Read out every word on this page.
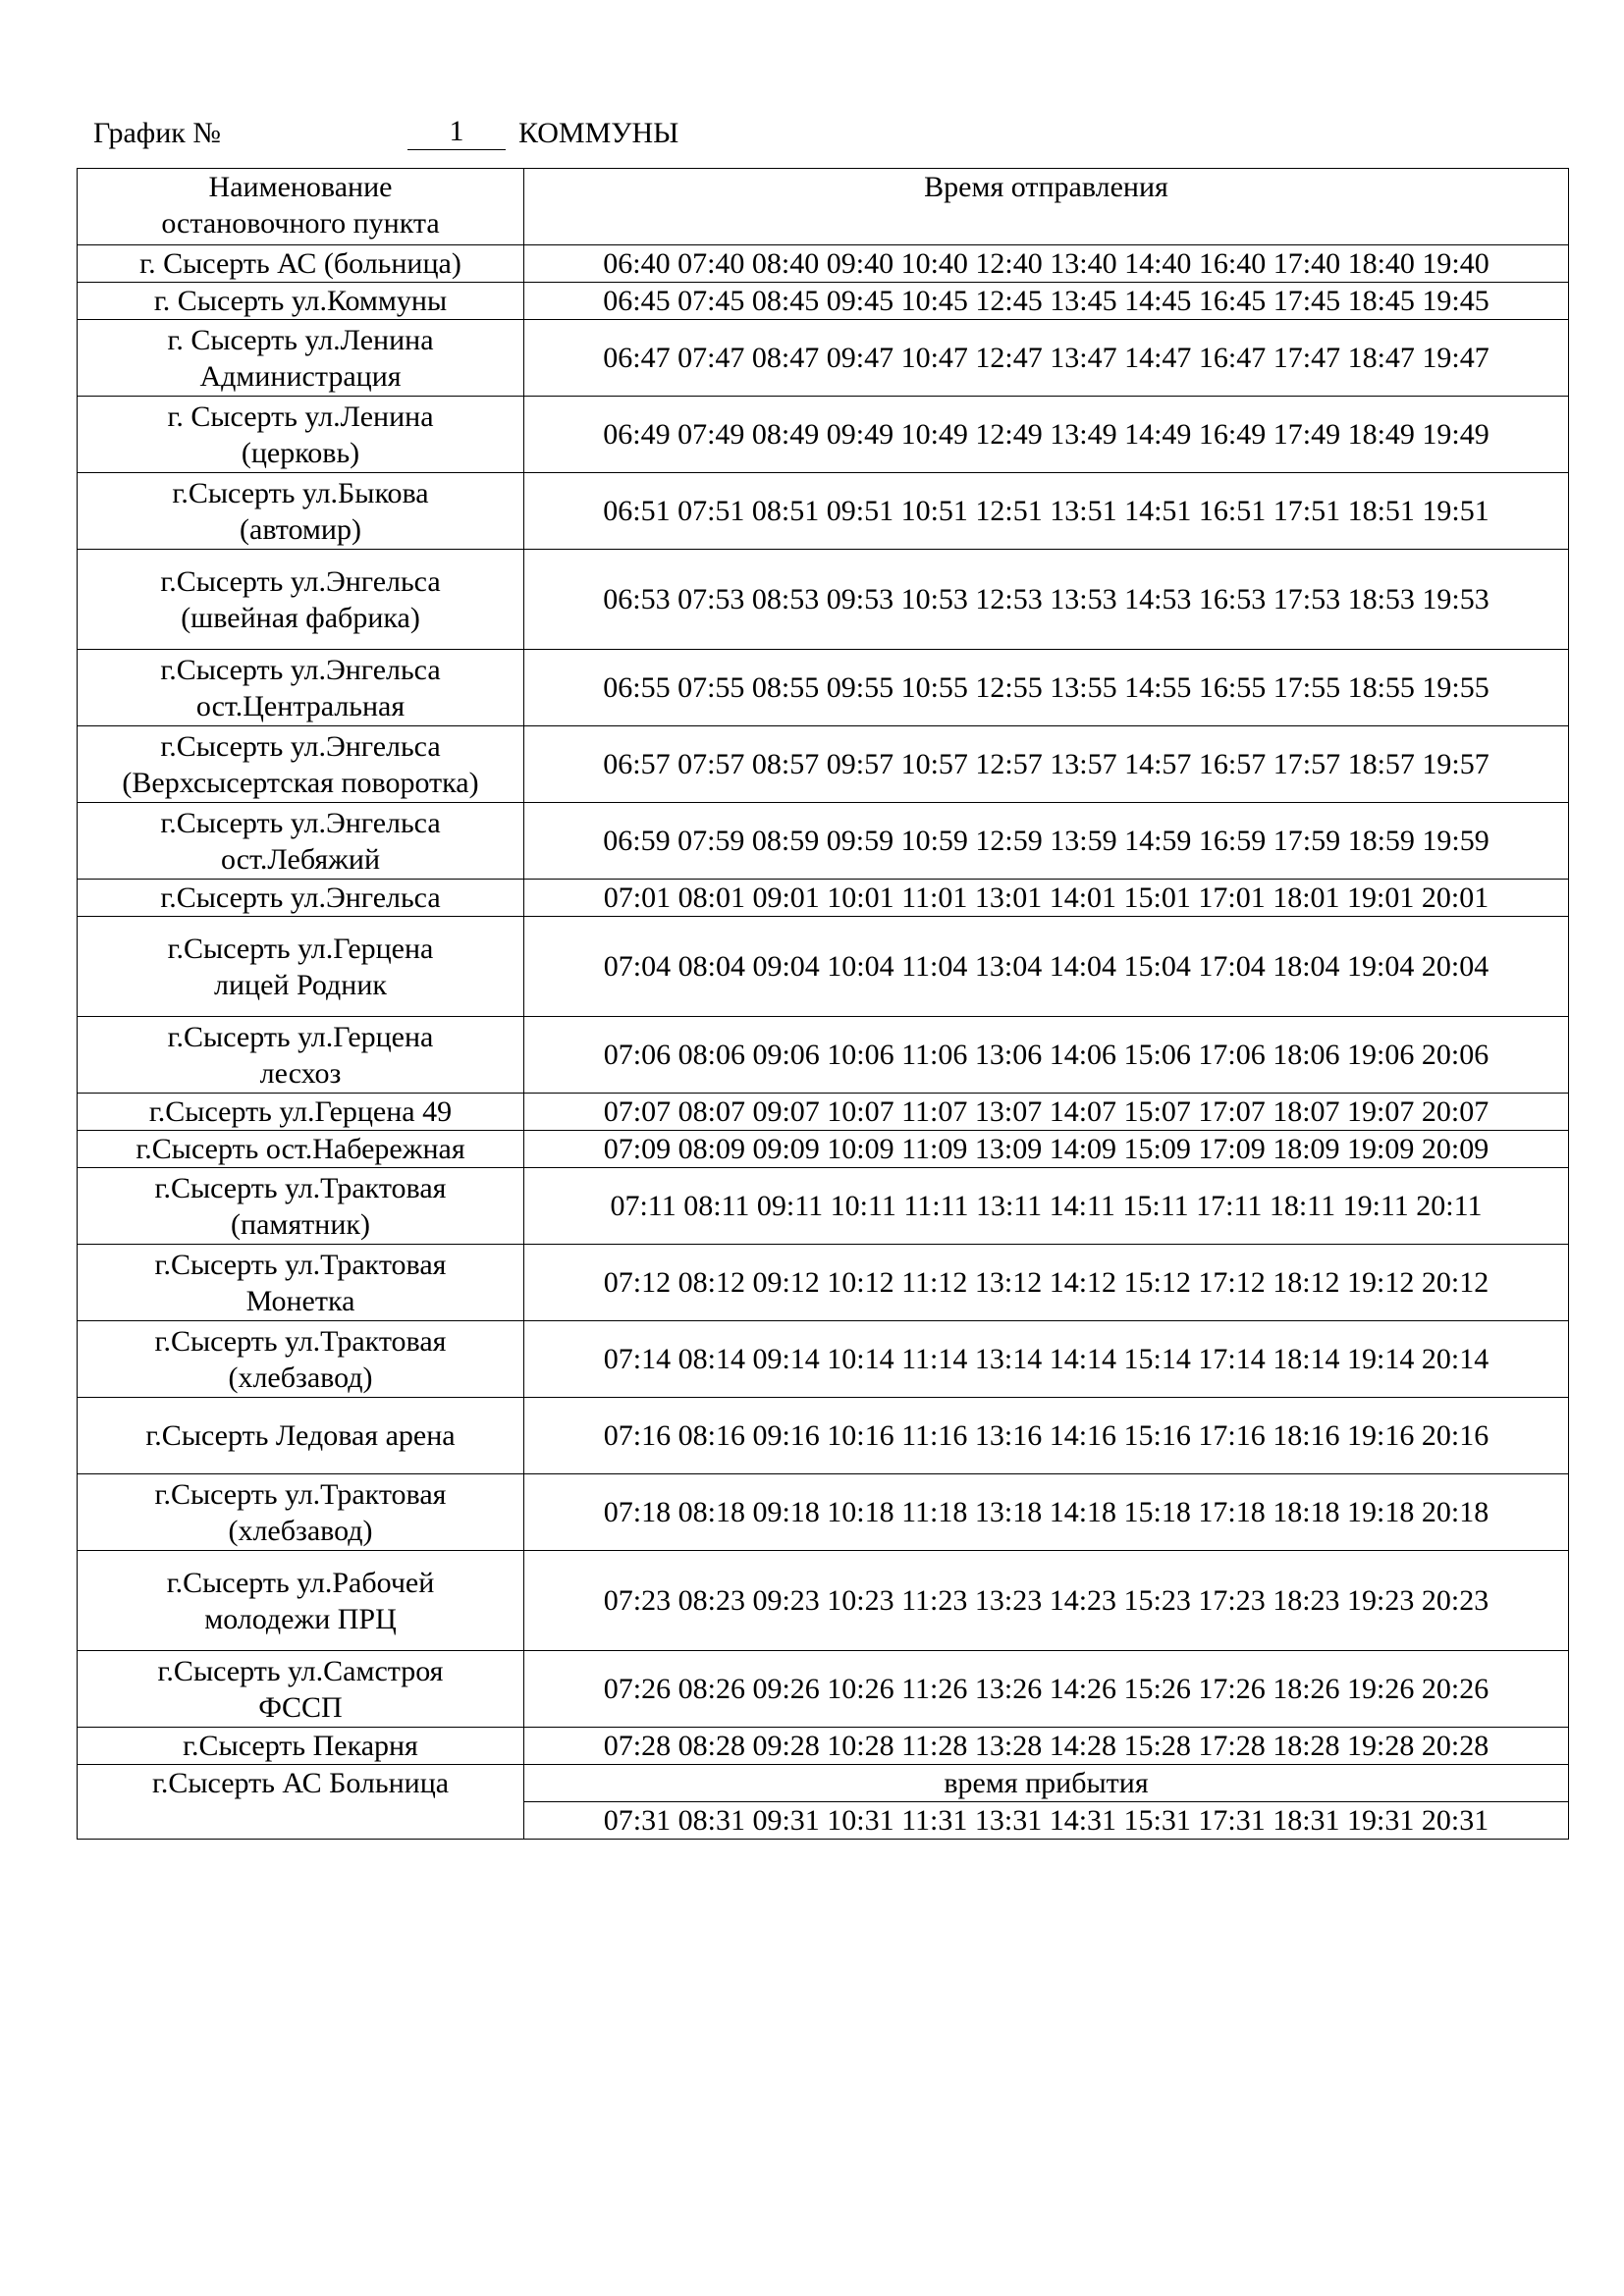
График №	1	КОММУНЫ
Наименование
остановочного пункта	Время отправления
г. Сысерть АС (больница)	06:40 07:40 08:40 09:40 10:40 12:40 13:40 14:40 16:40 17:40 18:40 19:40
г. Сысерть ул.Коммуны	06:45 07:45 08:45 09:45 10:45 12:45 13:45 14:45 16:45 17:45 18:45 19:45
г. Сысерть ул.Ленина
Администрация	06:47 07:47 08:47 09:47 10:47 12:47 13:47 14:47 16:47 17:47 18:47 19:47
г. Сысерть ул.Ленина
(церковь)	06:49 07:49 08:49 09:49 10:49 12:49 13:49 14:49 16:49 17:49 18:49 19:49
г.Сысерть ул.Быкова
(автомир)	06:51 07:51 08:51 09:51 10:51 12:51 13:51 14:51 16:51 17:51 18:51 19:51
г.Сысерть ул.Энгельса
(швейная фабрика)	06:53 07:53 08:53 09:53 10:53 12:53 13:53 14:53 16:53 17:53 18:53 19:53
г.Сысерть ул.Энгельса
ост.Центральная	06:55 07:55 08:55 09:55 10:55 12:55 13:55 14:55 16:55 17:55 18:55 19:55
г.Сысерть ул.Энгельса
(Верхсысертская поворотка)	06:57 07:57 08:57 09:57 10:57 12:57 13:57 14:57 16:57 17:57 18:57 19:57
г.Сысерть ул.Энгельса
ост.Лебяжий	06:59 07:59 08:59 09:59 10:59 12:59 13:59 14:59 16:59 17:59 18:59 19:59
г.Сысерть ул.Энгельса	07:01 08:01 09:01 10:01 11:01 13:01 14:01 15:01 17:01 18:01 19:01 20:01
г.Сысерть ул.Герцена
лицей Родник	07:04 08:04 09:04 10:04 11:04 13:04 14:04 15:04 17:04 18:04 19:04 20:04
г.Сысерть ул.Герцена
лесхоз	07:06 08:06 09:06 10:06 11:06 13:06 14:06 15:06 17:06 18:06 19:06 20:06
г.Сысерть ул.Герцена 49	07:07 08:07 09:07 10:07 11:07 13:07 14:07 15:07 17:07 18:07 19:07 20:07
г.Сысерть ост.Набережная	07:09 08:09 09:09 10:09 11:09 13:09 14:09 15:09 17:09 18:09 19:09 20:09
г.Сысерть ул.Трактовая
(памятник)	07:11 08:11 09:11 10:11 11:11 13:11 14:11 15:11 17:11 18:11 19:11 20:11
г.Сысерть ул.Трактовая
Монетка	07:12 08:12 09:12 10:12 11:12 13:12 14:12 15:12 17:12 18:12 19:12 20:12
г.Сысерть ул.Трактовая
(хлебзавод)	07:14 08:14 09:14 10:14 11:14 13:14 14:14 15:14 17:14 18:14 19:14 20:14
г.Сысерть Ледовая арена	07:16 08:16 09:16 10:16 11:16 13:16 14:16 15:16 17:16 18:16 19:16 20:16
г.Сысерть ул.Трактовая
(хлебзавод)	07:18 08:18 09:18 10:18 11:18 13:18 14:18 15:18 17:18 18:18 19:18 20:18
г.Сысерть ул.Рабочей
молодежи ПРЦ	07:23 08:23 09:23 10:23 11:23 13:23 14:23 15:23 17:23 18:23 19:23 20:23
г.Сысерть ул.Самстроя
ФССП	07:26 08:26 09:26 10:26 11:26 13:26 14:26 15:26 17:26 18:26 19:26 20:26
г.Сысерть Пекарня	07:28 08:28 09:28 10:28 11:28 13:28 14:28 15:28 17:28 18:28 19:28 20:28
г.Сысерть АС Больница	время прибытия
	07:31 08:31 09:31 10:31 11:31 13:31 14:31 15:31 17:31 18:31 19:31 20:31
